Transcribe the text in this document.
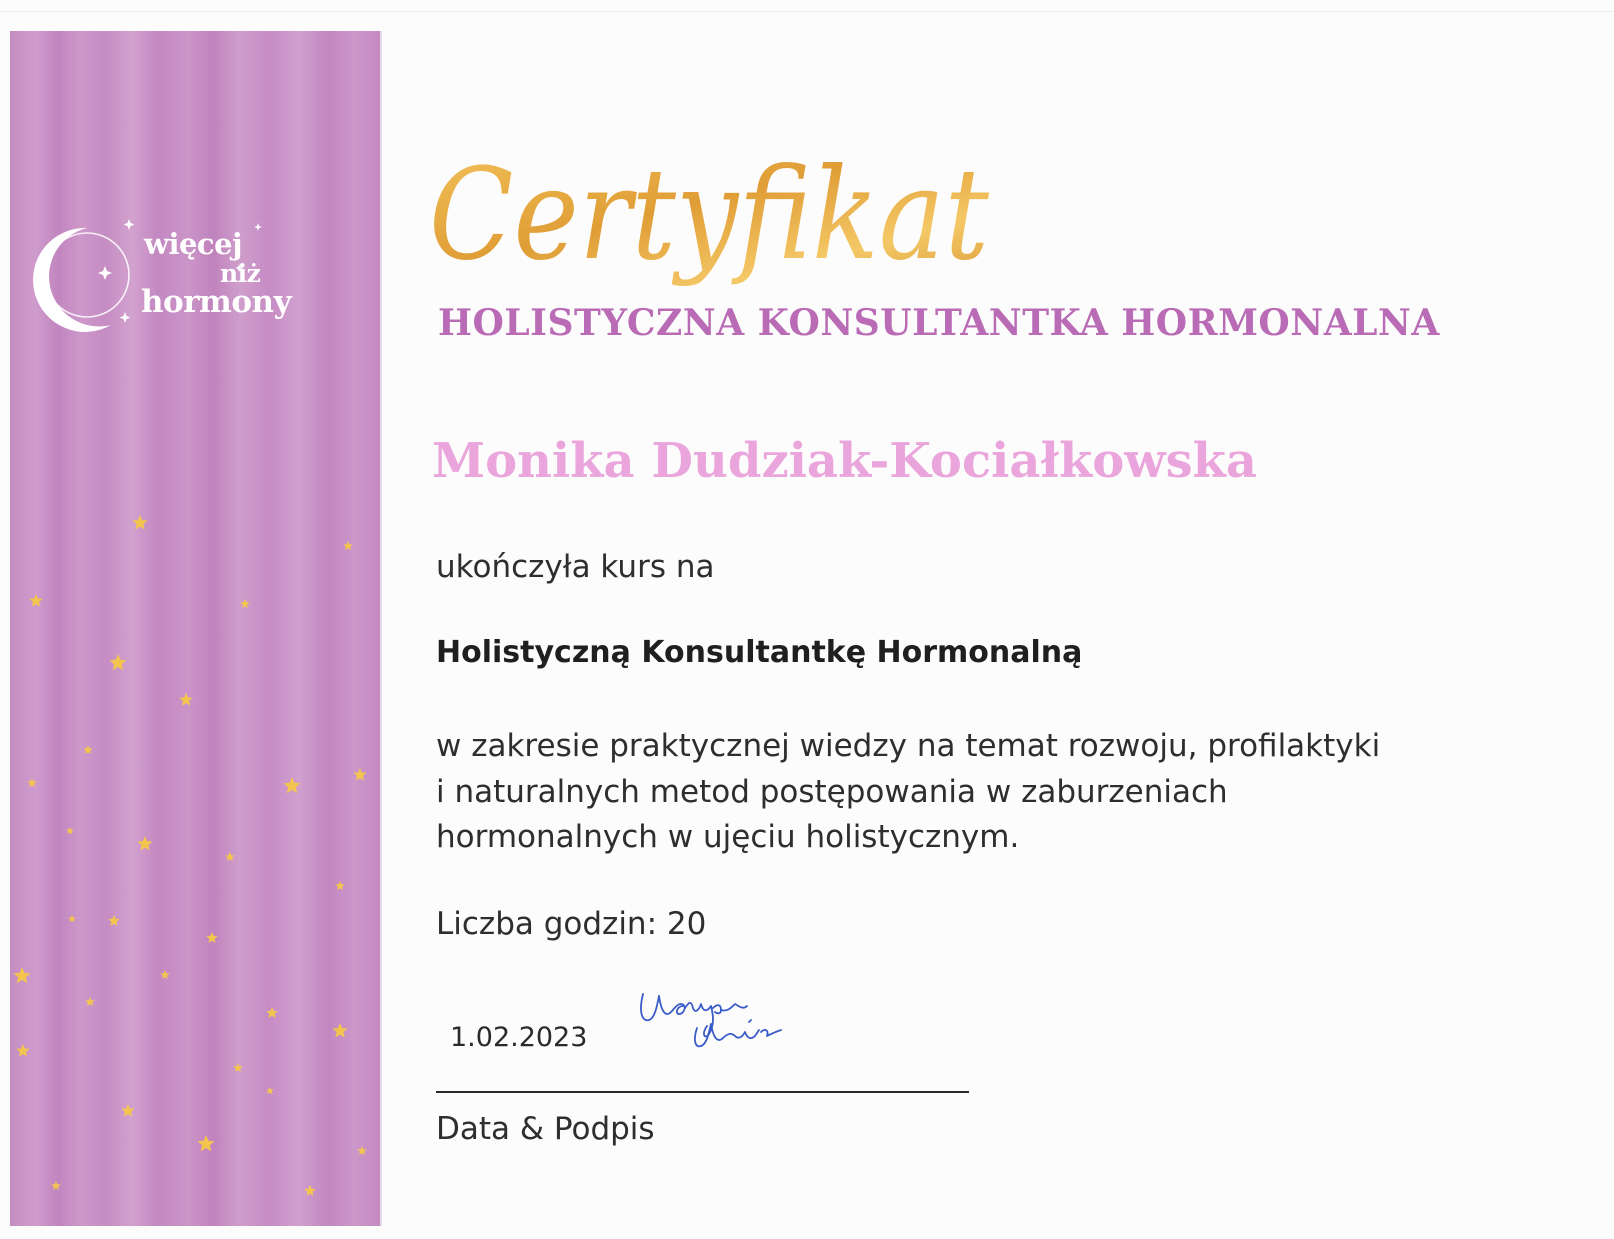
więcej
niż
hormony
Certyfikat
HOLISTYCZNA KONSULTANTKA HORMONALNA
Monika Dudziak-Kociałkowska

ukończyła kurs na

Holistyczną Konsultantkę Hormonalną

w zakresie praktycznej wiedzy na temat rozwoju, profilaktyki

i naturalnych metod postępowania w zaburzeniach

hormonalnych w ujęciu holistycznym.

Liczba godzin: 20

1.02.2023

Data & Podpis
